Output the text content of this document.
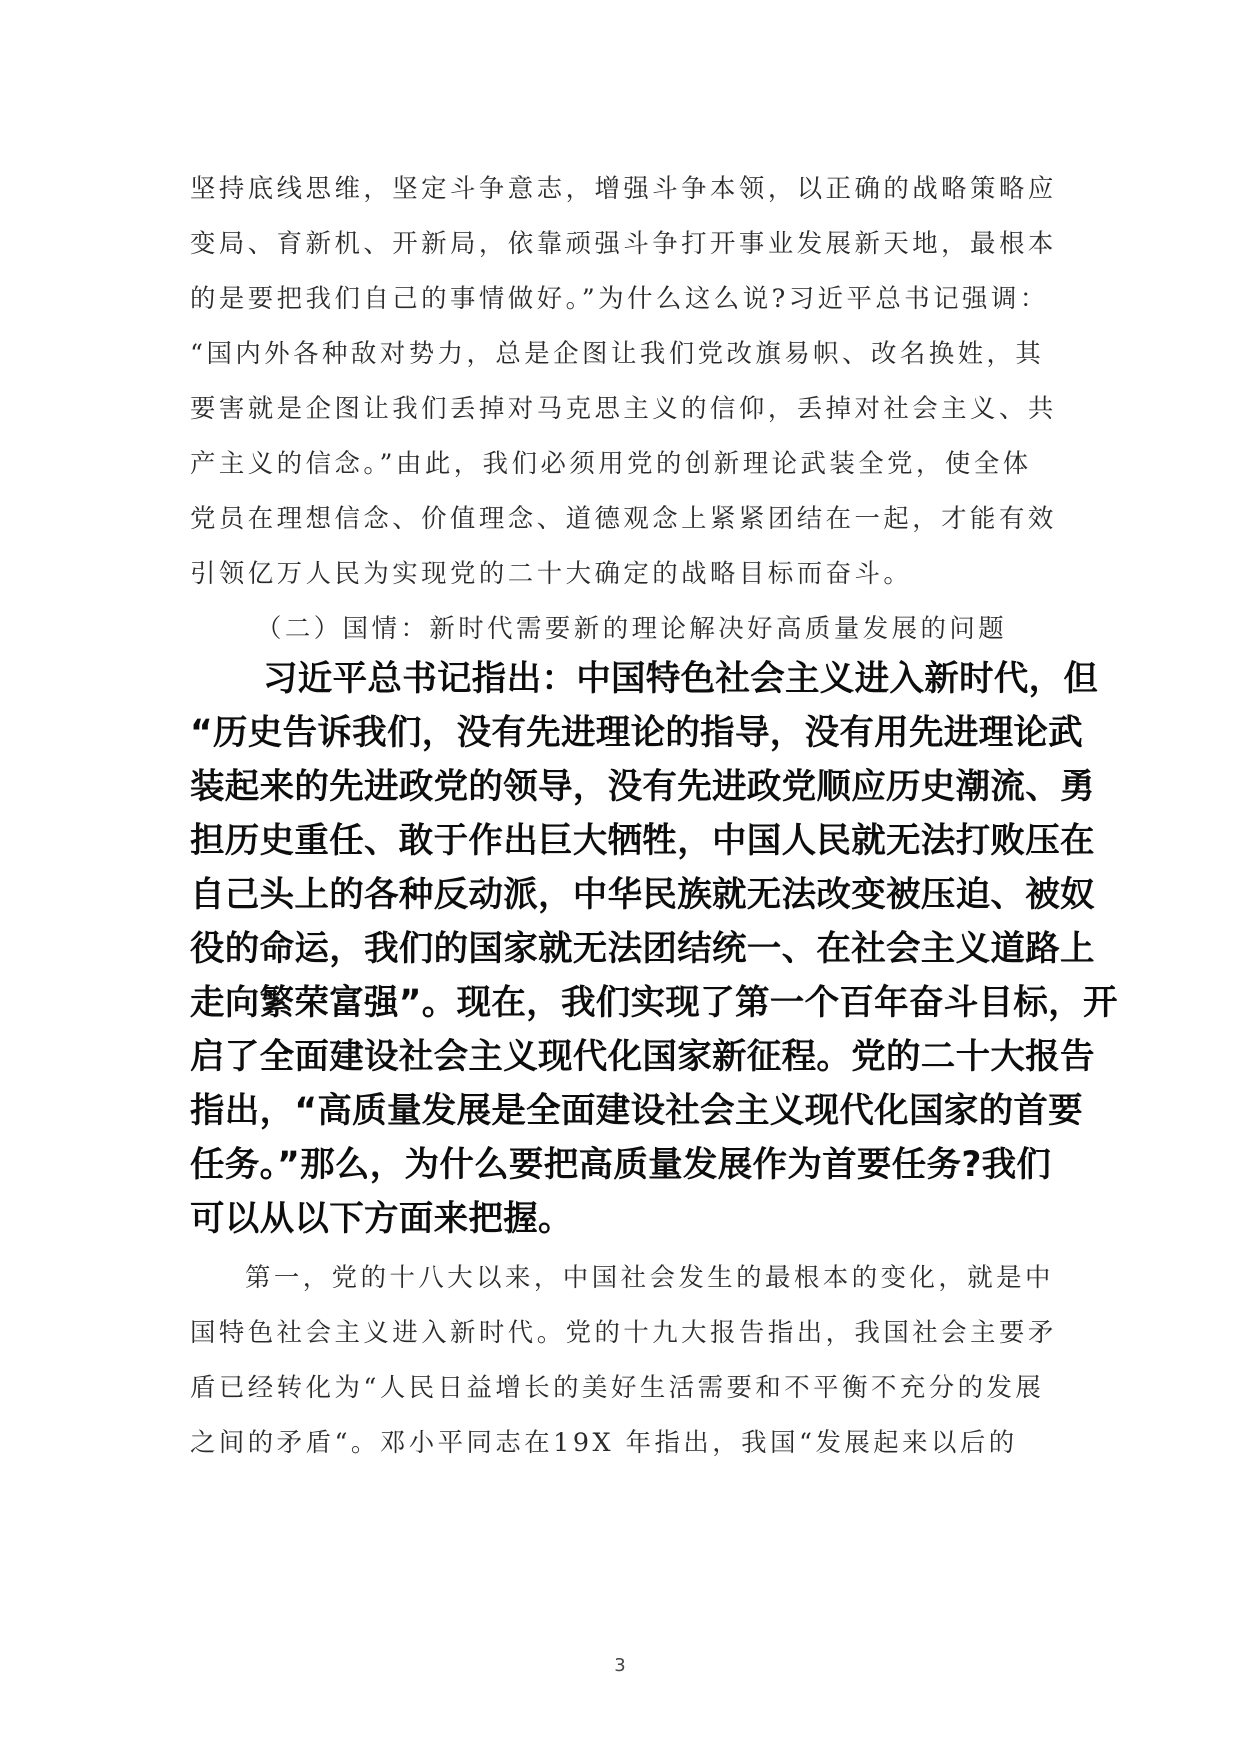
坚持底线思维，坚定斗争意志，增强斗争本领，以正确的战略策略应
变局、育新机、开新局，依靠顽强斗争打开事业发展新天地，最根本
的是要把我们自己的事情做好。”为什么这么说?习近平总书记强调：
“国内外各种敌对势力，总是企图让我们党改旗易帜、改名换姓，其
要害就是企图让我们丢掉对马克思主义的信仰，丢掉对社会主义、共
产主义的信念。”由此，我们必须用党的创新理论武装全党，使全体
党员在理想信念、价值理念、道德观念上紧紧团结在一起，才能有效
引领亿万人民为实现党的二十大确定的战略目标而奋斗。
（二）国情：新时代需要新的理论解决好高质量发展的问题
习近平总书记指出：中国特色社会主义进入新时代，但
“历史告诉我们，没有先进理论的指导，没有用先进理论武
装起来的先进政党的领导，没有先进政党顺应历史潮流、勇
担历史重任、敢于作出巨大牺牲，中国人民就无法打败压在
自己头上的各种反动派，中华民族就无法改变被压迫、被奴
役的命运，我们的国家就无法团结统一、在社会主义道路上
走向繁荣富强”。现在，我们实现了第一个百年奋斗目标，开
启了全面建设社会主义现代化国家新征程。党的二十大报告
指出，“高质量发展是全面建设社会主义现代化国家的首要
任务。”那么，为什么要把高质量发展作为首要任务?我们
可以从以下方面来把握。
第一，党的十八大以来，中国社会发生的最根本的变化，就是中
国特色社会主义进入新时代。党的十九大报告指出，我国社会主要矛
盾已经转化为“人民日益增长的美好生活需要和不平衡不充分的发展
之间的矛盾“。邓小平同志在19X 年指出，我国“发展起来以后的
3
